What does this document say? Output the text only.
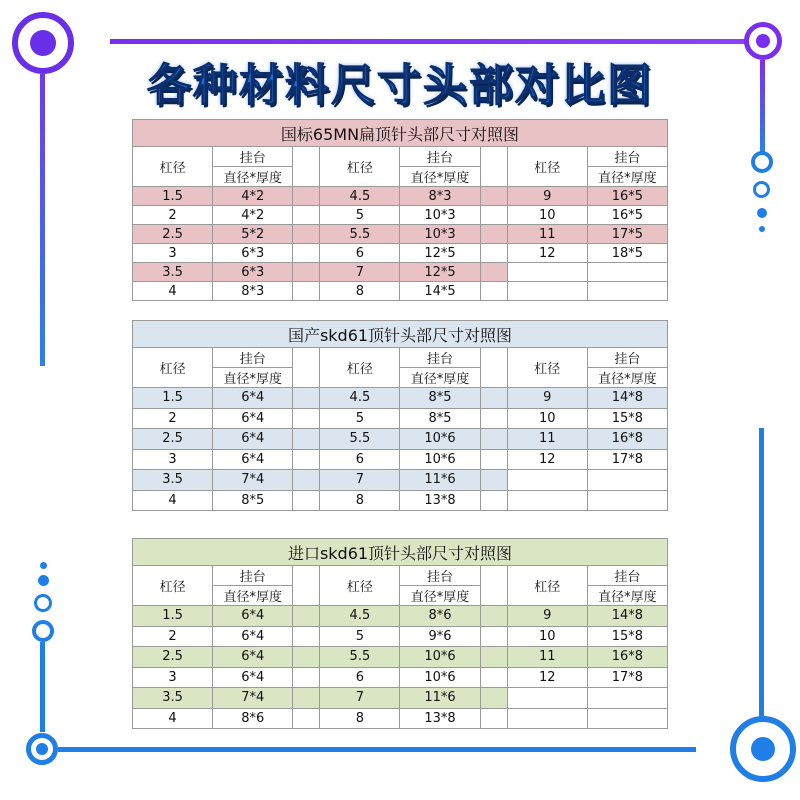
各种材料尺寸头部对比图
国标65MN扁顶针头部尺寸对照图							
杠径	挂台		杠径	挂台		杠径	挂台
	直径*厚度			直径*厚度			直径*厚度
1.5	4*2		4.5	8*3		9	16*5
2	4*2		5	10*3		10	16*5
2.5	5*2		5.5	10*3		11	17*5
3	6*3		6	12*5		12	18*5
3.5	6*3		7	12*5			
4	8*3		8	14*5			

国产skd61顶针头部尺寸对照图							
杠径	挂台		杠径	挂台		杠径	挂台
	直径*厚度			直径*厚度			直径*厚度
1.5	6*4		4.5	8*5		9	14*8
2	6*4		5	8*5		10	15*8
2.5	6*4		5.5	10*6		11	16*8
3	6*4		6	10*6		12	17*8
3.5	7*4		7	11*6			
4	8*5		8	13*8			

进口skd61顶针头部尺寸对照图							
杠径	挂台		杠径	挂台		杠径	挂台
	直径*厚度			直径*厚度			直径*厚度
1.5	6*4		4.5	8*6		9	14*8
2	6*4		5	9*6		10	15*8
2.5	6*4		5.5	10*6		11	16*8
3	6*4		6	10*6		12	17*8
3.5	7*4		7	11*6			
4	8*6		8	13*8			
